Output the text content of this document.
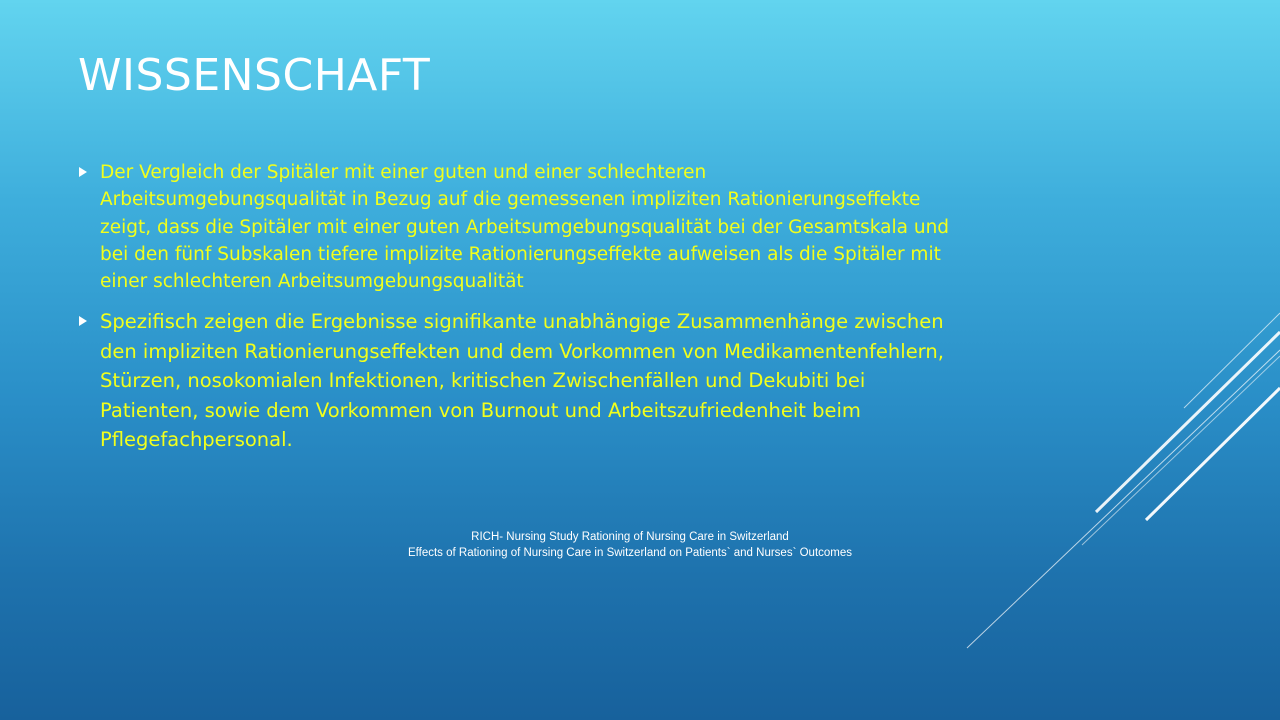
WISSENSCHAFT
Der Vergleich der Spitäler mit einer guten und einer schlechteren Arbeitsumgebungsqualität in Bezug auf die gemessenen impliziten Rationierungseffekte zeigt, dass die Spitäler mit einer guten Arbeitsumgebungsqualität bei der Gesamtskala und bei den fünf Subskalen tiefere implizite Rationierungseffekte aufweisen als die Spitäler mit einer schlechteren Arbeitsumgebungsqualität
Spezifisch zeigen die Ergebnisse signifikante unabhängige Zusammenhänge zwischen den impliziten Rationierungseffekten und dem Vorkommen von Medikamentenfehlern, Stürzen, nosokomialen Infektionen, kritischen Zwischenfällen und Dekubiti bei Patienten, sowie dem Vorkommen von Burnout und Arbeitszufriedenheit beim Pflegefachpersonal.
RICH- Nursing Study Rationing of Nursing Care in Switzerland
Effects of Rationing of Nursing Care in Switzerland on Patients` and Nurses` Outcomes
